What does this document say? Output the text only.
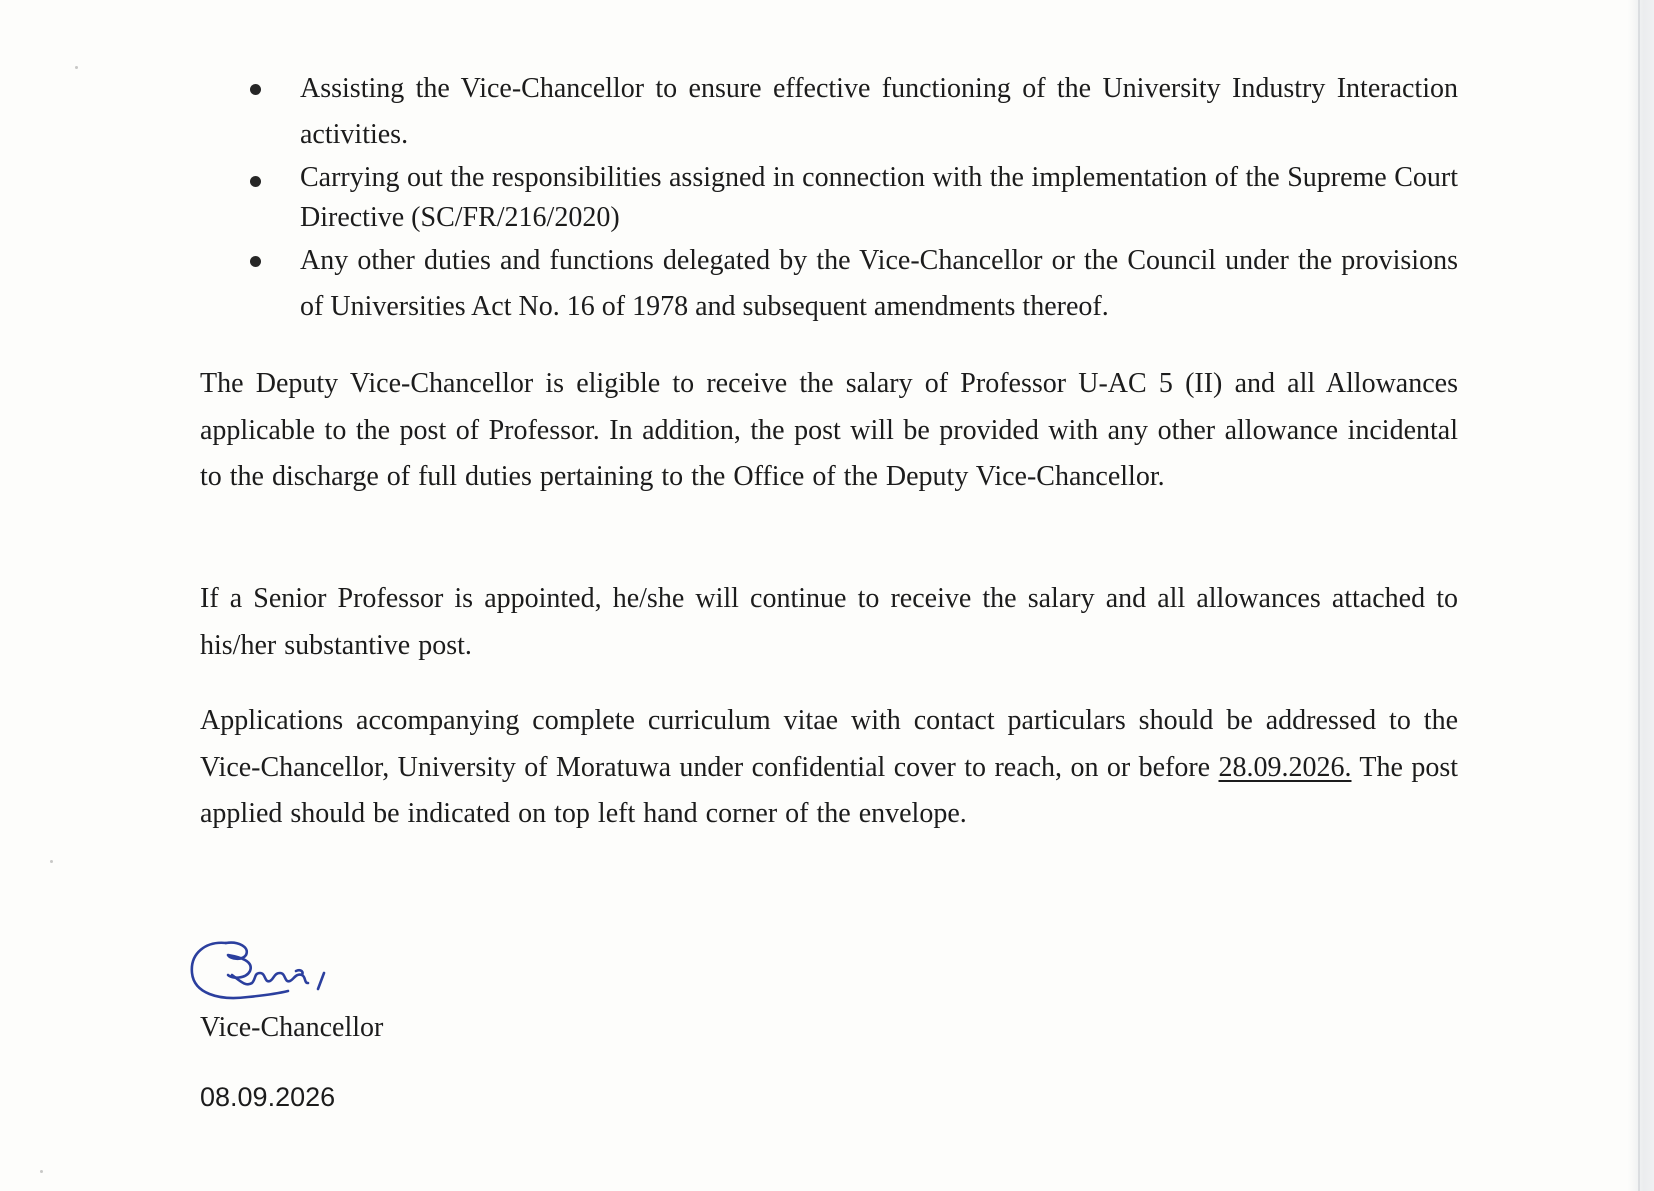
Assisting the Vice-Chancellor to ensure effective functioning of the University Industry Interaction activities.
Carrying out the responsibilities assigned in connection with the implementation of the Supreme Court Directive (SC/FR/216/2020)
Any other duties and functions delegated by the Vice-Chancellor or the Council under the provisions of Universities Act No. 16 of 1978 and subsequent amendments thereof.

The Deputy Vice-Chancellor is eligible to receive the salary of Professor U-AC 5 (II) and all Allowances applicable to the post of Professor. In addition, the post will be provided with any other allowance incidental to the discharge of full duties pertaining to the Office of the Deputy Vice-Chancellor.

If a Senior Professor is appointed, he/she will continue to receive the salary and all allowances attached to his/her substantive post.

Applications accompanying complete curriculum vitae with contact particulars should be addressed to the Vice-Chancellor, University of Moratuwa under confidential cover to reach, on or before 28.09.2026. The post applied should be indicated on top left hand corner of the envelope.

Vice-Chancellor

08.09.2026
